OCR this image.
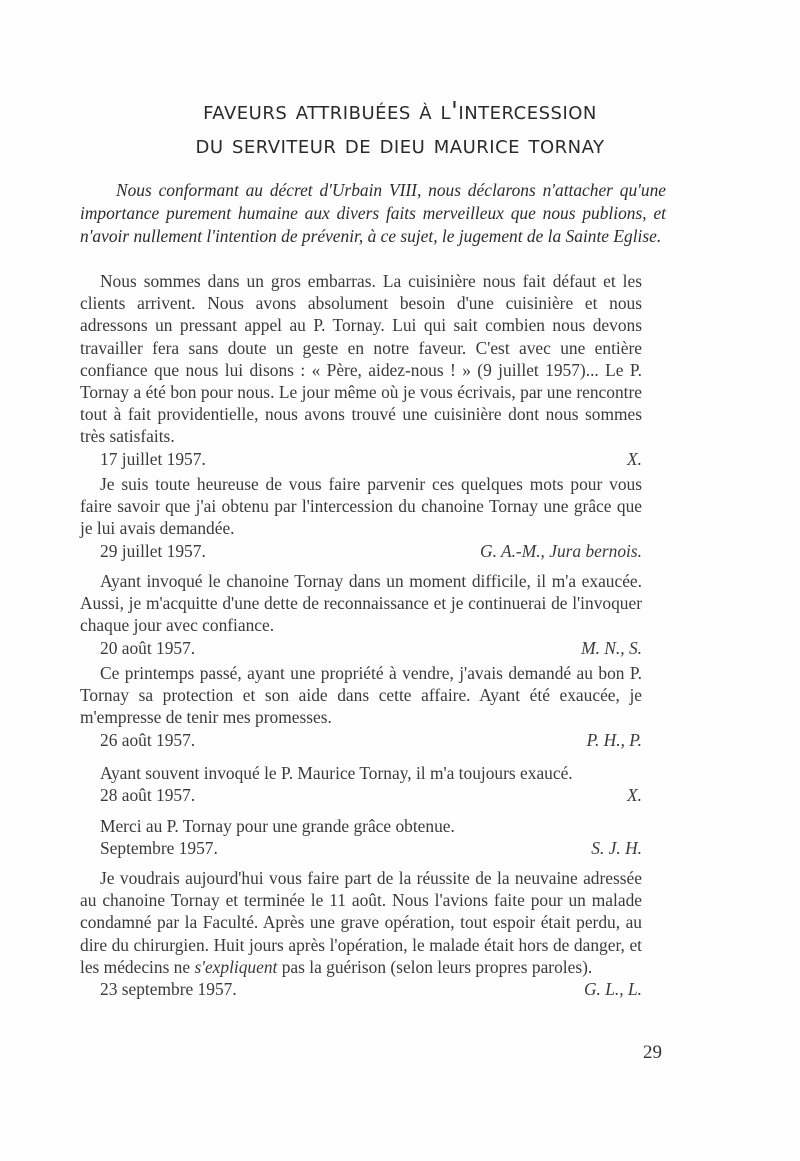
faveurs attribuées à l'intercession
du serviteur de dieu maurice tornay
Nous conformant au décret d'Urbain VIII, nous déclarons n'attacher qu'une importance purement humaine aux divers faits merveilleux que nous publions, et n'avoir nullement l'intention de prévenir, à ce sujet, le jugement de la Sainte Eglise.
Nous sommes dans un gros embarras. La cuisinière nous fait défaut et les clients arrivent. Nous avons absolument besoin d'une cuisinière et nous adressons un pressant appel au P. Tornay. Lui qui sait combien nous devons travailler fera sans doute un geste en notre faveur. C'est avec une entière confiance que nous lui disons : « Père, aidez-nous ! » (9 juillet 1957)... Le P. Tornay a été bon pour nous. Le jour même où je vous écrivais, par une rencontre tout à fait providentielle, nous avons trouvé une cuisinière dont nous sommes très satisfaits.
17 juillet 1957.	X.
Je suis toute heureuse de vous faire parvenir ces quelques mots pour vous faire savoir que j'ai obtenu par l'intercession du chanoine Tornay une grâce que je lui avais demandée.
29 juillet 1957.	G. A.-M., Jura bernois.
Ayant invoqué le chanoine Tornay dans un moment difficile, il m'a exaucée. Aussi, je m'acquitte d'une dette de reconnaissance et je continuerai de l'invoquer chaque jour avec confiance.
20 août 1957.	M. N., S.
Ce printemps passé, ayant une propriété à vendre, j'avais demandé au bon P. Tornay sa protection et son aide dans cette affaire. Ayant été exaucée, je m'empresse de tenir mes promesses.
26 août 1957.	P. H., P.
Ayant souvent invoqué le P. Maurice Tornay, il m'a toujours exaucé.
28 août 1957.	X.
Merci au P. Tornay pour une grande grâce obtenue.
Septembre 1957.	S. J. H.
Je voudrais aujourd'hui vous faire part de la réussite de la neuvaine adressée au chanoine Tornay et terminée le 11 août. Nous l'avions faite pour un malade condamné par la Faculté. Après une grave opération, tout espoir était perdu, au dire du chirurgien. Huit jours après l'opération, le malade était hors de danger, et les médecins ne s'expliquent pas la guérison (selon leurs propres paroles).
23 septembre 1957.	G. L., L.
29
